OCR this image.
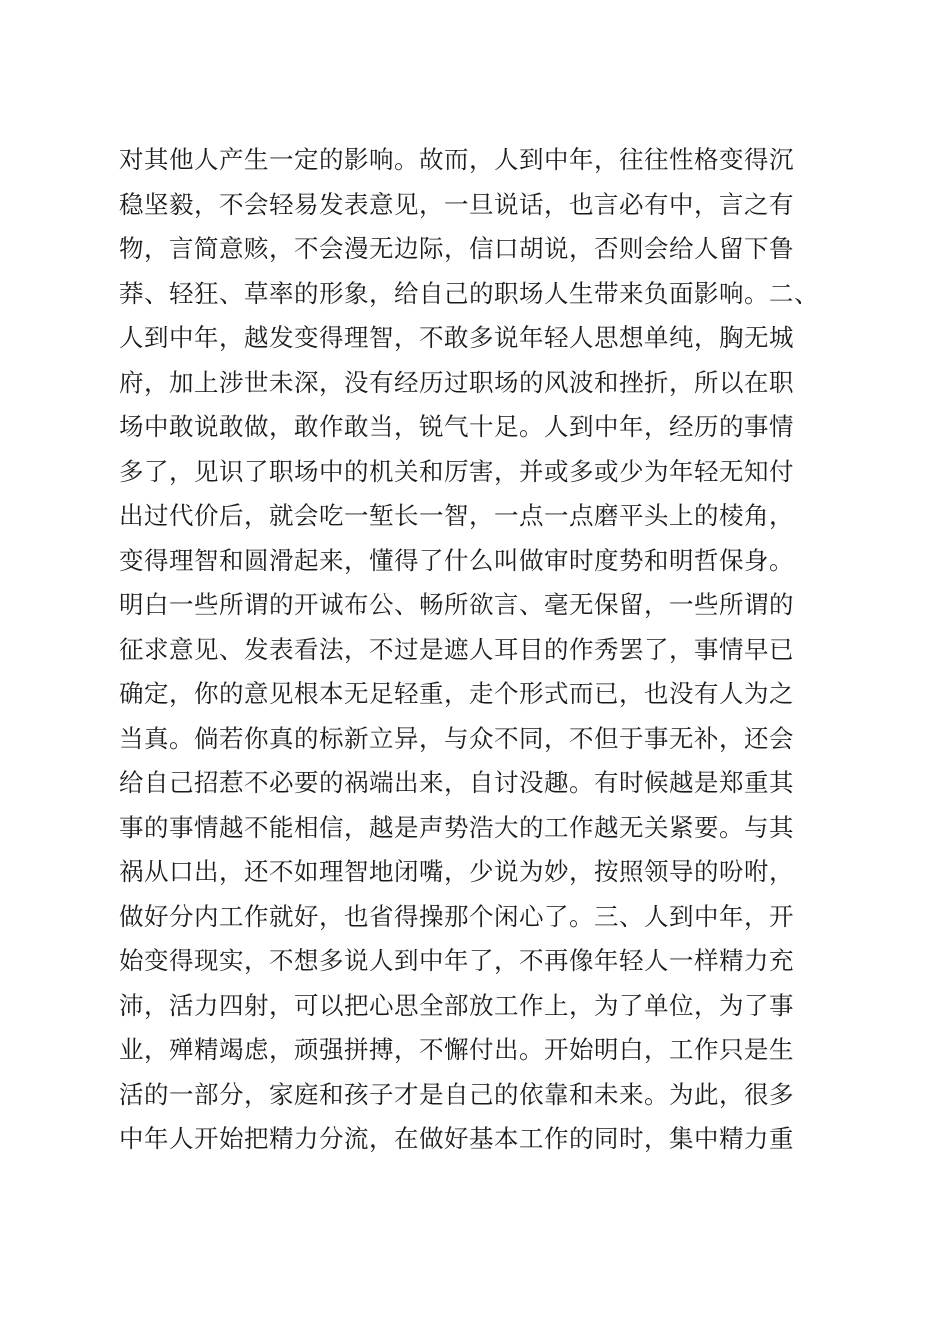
对其他人产生一定的影响。故而，人到中年，往往性格变得沉
稳坚毅，不会轻易发表意见，一旦说话，也言必有中，言之有
物，言简意赅，不会漫无边际，信口胡说，否则会给人留下鲁
莽、轻狂、草率的形象，给自己的职场人生带来负面影响。二、
人到中年，越发变得理智，不敢多说年轻人思想单纯，胸无城
府，加上涉世未深，没有经历过职场的风波和挫折，所以在职
场中敢说敢做，敢作敢当，锐气十足。人到中年，经历的事情
多了，见识了职场中的机关和厉害，并或多或少为年轻无知付
出过代价后，就会吃一堑长一智，一点一点磨平头上的棱角，
变得理智和圆滑起来，懂得了什么叫做审时度势和明哲保身。
明白一些所谓的开诚布公、畅所欲言、毫无保留，一些所谓的
征求意见、发表看法，不过是遮人耳目的作秀罢了，事情早已
确定，你的意见根本无足轻重，走个形式而已，也没有人为之
当真。倘若你真的标新立异，与众不同，不但于事无补，还会
给自己招惹不必要的祸端出来，自讨没趣。有时候越是郑重其
事的事情越不能相信，越是声势浩大的工作越无关紧要。与其
祸从口出，还不如理智地闭嘴，少说为妙，按照领导的吩咐，
做好分内工作就好，也省得操那个闲心了。三、人到中年，开
始变得现实，不想多说人到中年了，不再像年轻人一样精力充
沛，活力四射，可以把心思全部放工作上，为了单位，为了事
业，殚精竭虑，顽强拼搏，不懈付出。开始明白，工作只是生
活的一部分，家庭和孩子才是自己的依靠和未来。为此，很多
中年人开始把精力分流，在做好基本工作的同时，集中精力重
